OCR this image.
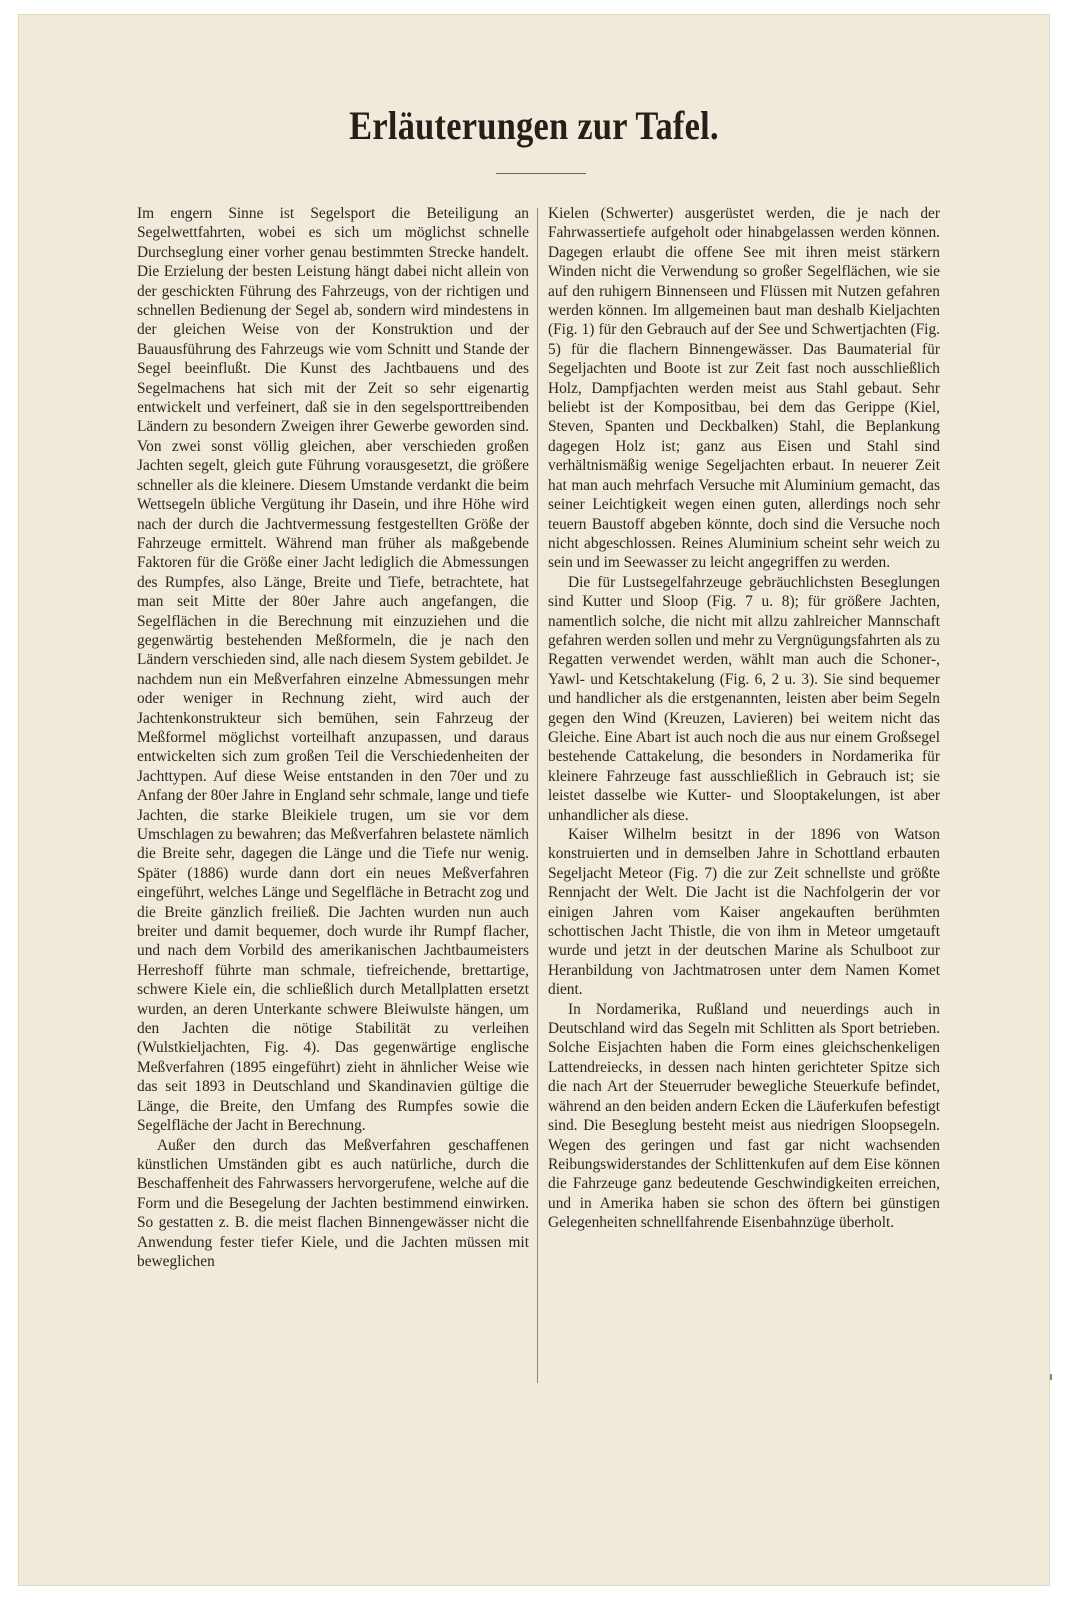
Erläuterungen zur Tafel.

Im engern Sinne ist Segelsport die Beteiligung an Segelwettfahrten, wobei es sich um möglichst schnelle Durchseglung einer vorher genau bestimmten Strecke handelt. Die Erzielung der besten Leistung hängt dabei nicht allein von der geschickten Führung des Fahrzeugs, von der richtigen und schnellen Bedienung der Segel ab, sondern wird mindestens in der gleichen Weise von der Konstruktion und der Bauausführung des Fahrzeugs wie vom Schnitt und Stande der Segel beeinflußt. Die Kunst des Jachtbauens und des Segelmachens hat sich mit der Zeit so sehr eigenartig entwickelt und verfeinert, daß sie in den segelsporttreibenden Ländern zu besondern Zweigen ihrer Gewerbe geworden sind. Von zwei sonst völlig gleichen, aber verschieden großen Jachten segelt, gleich gute Führung vorausgesetzt, die größere schneller als die kleinere. Diesem Umstande verdankt die beim Wettsegeln übliche Vergütung ihr Dasein, und ihre Höhe wird nach der durch die Jachtvermessung festgestellten Größe der Fahrzeuge ermittelt. Während man früher als maßgebende Faktoren für die Größe einer Jacht lediglich die Abmessungen des Rumpfes, also Länge, Breite und Tiefe, betrachtete, hat man seit Mitte der 80er Jahre auch angefangen, die Segelflächen in die Berechnung mit einzuziehen und die gegenwärtig bestehenden Meßformeln, die je nach den Ländern verschieden sind, alle nach diesem System gebildet. Je nachdem nun ein Meßverfahren einzelne Abmessungen mehr oder weniger in Rechnung zieht, wird auch der Jachtenkonstrukteur sich bemühen, sein Fahrzeug der Meßformel möglichst vorteilhaft anzupassen, und daraus entwickelten sich zum großen Teil die Verschiedenheiten der Jachttypen. Auf diese Weise entstanden in den 70er und zu Anfang der 80er Jahre in England sehr schmale, lange und tiefe Jachten, die starke Bleikiele trugen, um sie vor dem Umschlagen zu bewahren; das Meßverfahren belastete nämlich die Breite sehr, dagegen die Länge und die Tiefe nur wenig. Später (1886) wurde dann dort ein neues Meßverfahren eingeführt, welches Länge und Segelfläche in Betracht zog und die Breite gänzlich freiließ. Die Jachten wurden nun auch breiter und damit bequemer, doch wurde ihr Rumpf flacher, und nach dem Vorbild des amerikanischen Jachtbaumeisters Herreshoff führte man schmale, tiefreichende, brettartige, schwere Kiele ein, die schließlich durch Metallplatten ersetzt wurden, an deren Unterkante schwere Bleiwulste hängen, um den Jachten die nötige Stabilität zu verleihen (Wulstkieljachten, Fig. 4). Das gegenwärtige englische Meßverfahren (1895 eingeführt) zieht in ähnlicher Weise wie das seit 1893 in Deutschland und Skandinavien gültige die Länge, die Breite, den Umfang des Rumpfes sowie die Segelfläche der Jacht in Berechnung.

Außer den durch das Meßverfahren geschaffenen künstlichen Umständen gibt es auch natürliche, durch die Beschaffenheit des Fahrwassers hervorgerufene, welche auf die Form und die Besegelung der Jachten bestimmend einwirken. So gestatten z. B. die meist flachen Binnengewässer nicht die Anwendung fester tiefer Kiele, und die Jachten müssen mit beweglichen

Kielen (Schwerter) ausgerüstet werden, die je nach der Fahrwassertiefe aufgeholt oder hinabgelassen werden können. Dagegen erlaubt die offene See mit ihren meist stärkern Winden nicht die Verwendung so großer Segelflächen, wie sie auf den ruhigern Binnenseen und Flüssen mit Nutzen gefahren werden können. Im allgemeinen baut man deshalb Kieljachten (Fig. 1) für den Gebrauch auf der See und Schwertjachten (Fig. 5) für die flachern Binnengewässer. Das Baumaterial für Segeljachten und Boote ist zur Zeit fast noch ausschließlich Holz, Dampfjachten werden meist aus Stahl gebaut. Sehr beliebt ist der Kompositbau, bei dem das Gerippe (Kiel, Steven, Spanten und Deckbalken) Stahl, die Beplankung dagegen Holz ist; ganz aus Eisen und Stahl sind verhältnismäßig wenige Segeljachten erbaut. In neuerer Zeit hat man auch mehrfach Versuche mit Aluminium gemacht, das seiner Leichtigkeit wegen einen guten, allerdings noch sehr teuern Baustoff abgeben könnte, doch sind die Versuche noch nicht abgeschlossen. Reines Aluminium scheint sehr weich zu sein und im Seewasser zu leicht angegriffen zu werden.

Die für Lustsegelfahrzeuge gebräuchlichsten Beseglungen sind Kutter und Sloop (Fig. 7 u. 8); für größere Jachten, namentlich solche, die nicht mit allzu zahlreicher Mannschaft gefahren werden sollen und mehr zu Vergnügungsfahrten als zu Regatten verwendet werden, wählt man auch die Schoner-, Yawl- und Ketschtakelung (Fig. 6, 2 u. 3). Sie sind bequemer und handlicher als die erstgenannten, leisten aber beim Segeln gegen den Wind (Kreuzen, Lavieren) bei weitem nicht das Gleiche. Eine Abart ist auch noch die aus nur einem Großsegel bestehende Cattakelung, die besonders in Nordamerika für kleinere Fahrzeuge fast ausschließlich in Gebrauch ist; sie leistet dasselbe wie Kutter- und Slooptakelungen, ist aber unhandlicher als diese.

Kaiser Wilhelm besitzt in der 1896 von Watson konstruierten und in demselben Jahre in Schottland erbauten Segeljacht Meteor (Fig. 7) die zur Zeit schnellste und größte Rennjacht der Welt. Die Jacht ist die Nachfolgerin der vor einigen Jahren vom Kaiser angekauften berühmten schottischen Jacht Thistle, die von ihm in Meteor umgetauft wurde und jetzt in der deutschen Marine als Schulboot zur Heranbildung von Jachtmatrosen unter dem Namen Komet dient.

In Nordamerika, Rußland und neuerdings auch in Deutschland wird das Segeln mit Schlitten als Sport betrieben. Solche Eisjachten haben die Form eines gleichschenkeligen Lattendreiecks, in dessen nach hinten gerichteter Spitze sich die nach Art der Steuerruder bewegliche Steuerkufe befindet, während an den beiden andern Ecken die Läuferkufen befestigt sind. Die Beseglung besteht meist aus niedrigen Sloopsegeln. Wegen des geringen und fast gar nicht wachsenden Reibungswiderstandes der Schlittenkufen auf dem Eise können die Fahrzeuge ganz bedeutende Geschwindigkeiten erreichen, und in Amerika haben sie schon des öftern bei günstigen Gelegenheiten schnellfahrende Eisenbahnzüge überholt.
